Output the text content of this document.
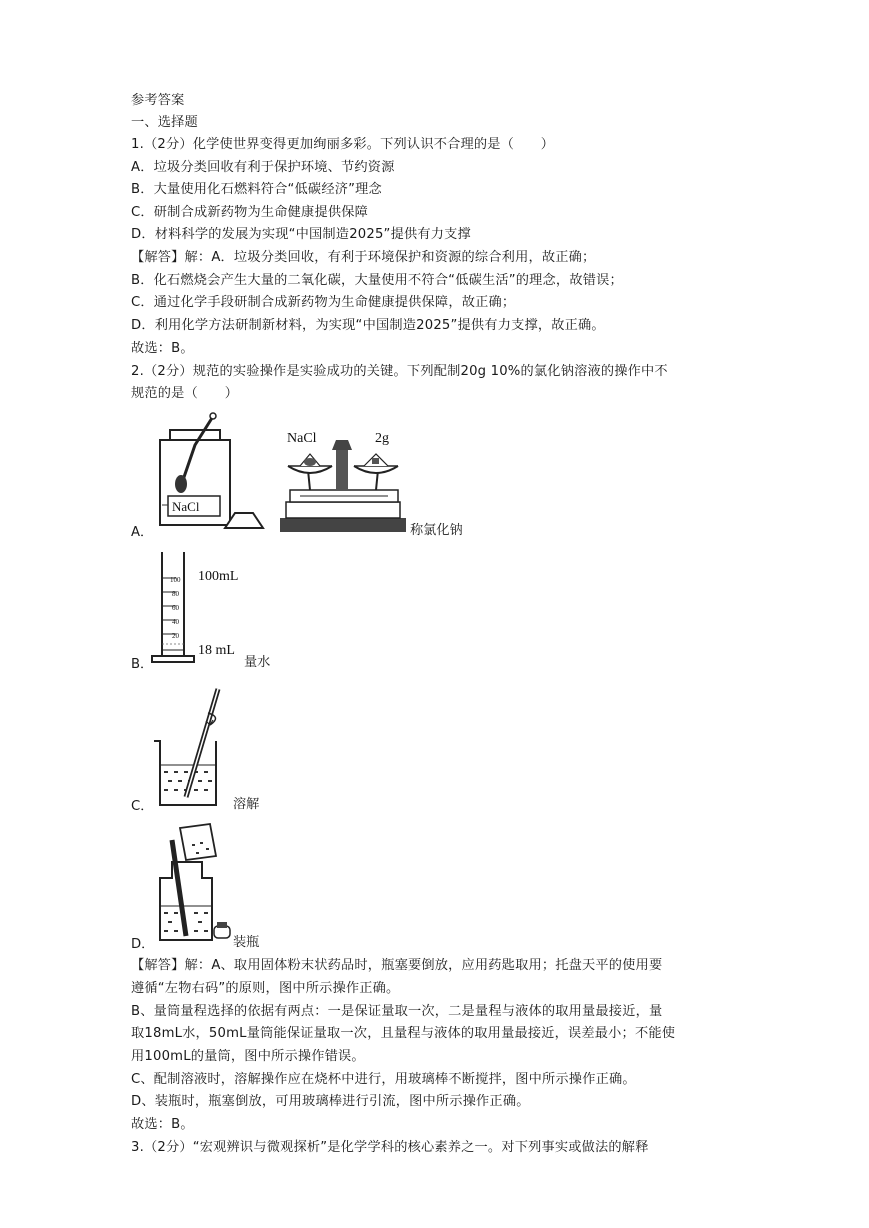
参考答案
一、选择题
1.（2分）化学使世界变得更加绚丽多彩。下列认识不合理的是（　　）
A．垃圾分类回收有利于保护环境、节约资源
B．大量使用化石燃料符合“低碳经济”理念
C．研制合成新药物为生命健康提供保障
D．材料科学的发展为实现“中国制造2025”提供有力支撑
【解答】解：A．垃圾分类回收，有利于环境保护和资源的综合利用，故正确；
B．化石燃烧会产生大量的二氧化碳，大量使用不符合“低碳生活”的理念，故错误；
C．通过化学手段研制合成新药物为生命健康提供保障，故正确；
D．利用化学方法研制新材料，为实现“中国制造2025”提供有力支撑，故正确。
故选：B。
2.（2分）规范的实验操作是实验成功的关键。下列配制20g 10%的氯化钠溶液的操作中不
规范的是（　　）
NaCl
NaCl	2g
A．	称氯化钠
100
80
60
40
20
100mL
18 mL
B．	量水
C．	溶解
D．	装瓶
【解答】解：A、取用固体粉末状药品时，瓶塞要倒放，应用药匙取用；托盘天平的使用要
遵循“左物右码”的原则，图中所示操作正确。
B、量筒量程选择的依据有两点：一是保证量取一次，二是量程与液体的取用量最接近，量
取18mL水，50mL量筒能保证量取一次，且量程与液体的取用量最接近，误差最小；不能使
用100mL的量筒，图中所示操作错误。
C、配制溶液时，溶解操作应在烧杯中进行，用玻璃棒不断搅拌，图中所示操作正确。
D、装瓶时，瓶塞倒放，可用玻璃棒进行引流，图中所示操作正确。
故选：B。
3.（2分）“宏观辨识与微观探析”是化学学科的核心素养之一。对下列事实或做法的解释
